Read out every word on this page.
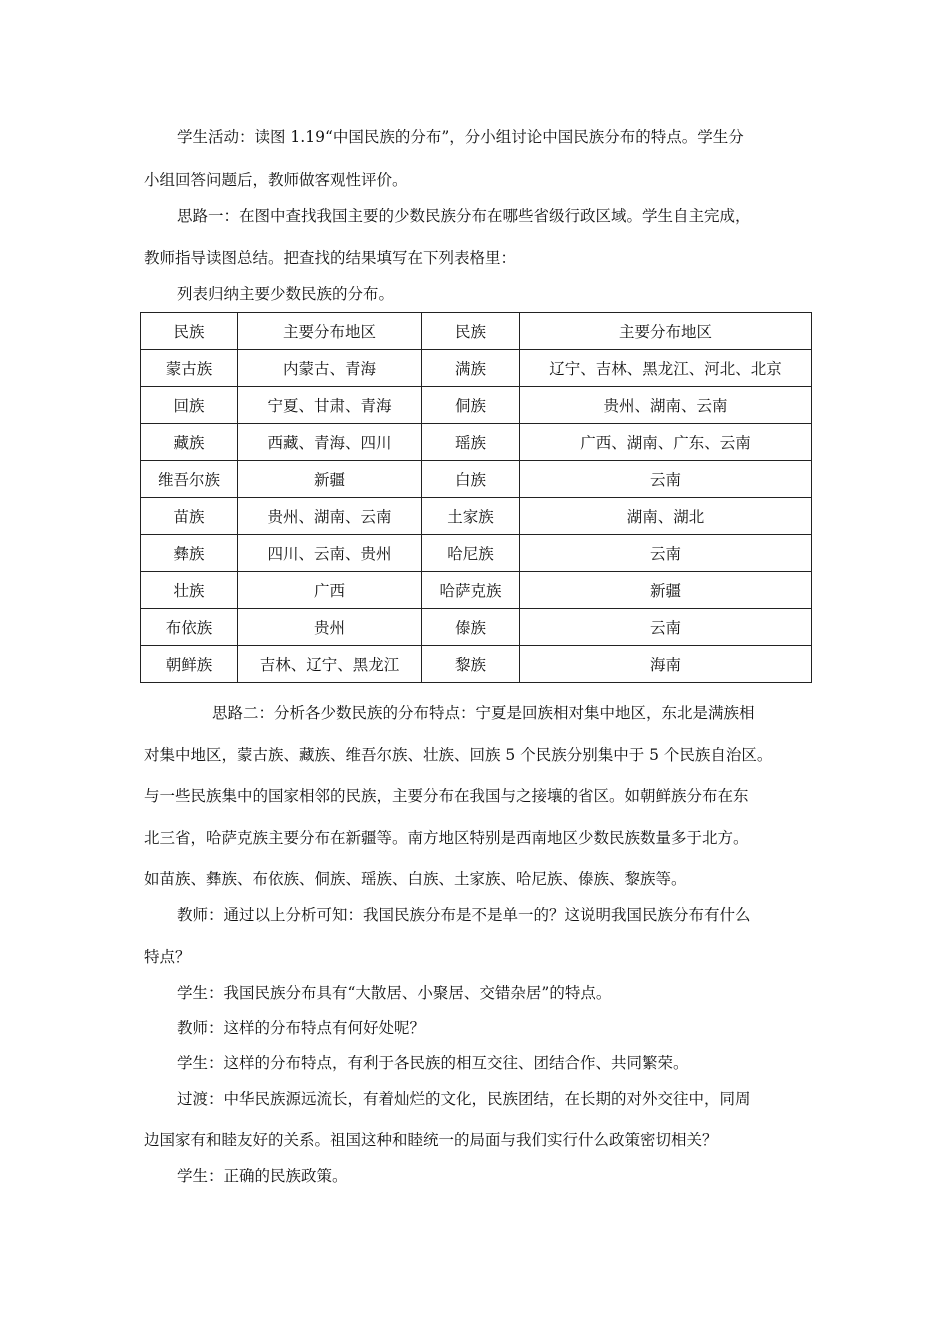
学生活动：读图 1.19“中国民族的分布”，分小组讨论中国民族分布的特点。学生分
小组回答问题后，教师做客观性评价。
思路一：在图中查找我国主要的少数民族分布在哪些省级行政区域。学生自主完成，
教师指导读图总结。把查找的结果填写在下列表格里：
列表归纳主要少数民族的分布。
民族	主要分布地区	民族	主要分布地区
蒙古族	内蒙古、青海	满族	辽宁、吉林、黑龙江、河北、北京
回族	宁夏、甘肃、青海	侗族	贵州、湖南、云南
藏族	西藏、青海、四川	瑶族	广西、湖南、广东、云南
维吾尔族	新疆	白族	云南
苗族	贵州、湖南、云南	土家族	湖南、湖北
彝族	四川、云南、贵州	哈尼族	云南
壮族	广西	哈萨克族	新疆
布依族	贵州	傣族	云南
朝鲜族	吉林、辽宁、黑龙江	黎族	海南
思路二：分析各少数民族的分布特点：宁夏是回族相对集中地区，东北是满族相
对集中地区，蒙古族、藏族、维吾尔族、壮族、回族 5 个民族分别集中于 5 个民族自治区。
与一些民族集中的国家相邻的民族，主要分布在我国与之接壤的省区。如朝鲜族分布在东
北三省，哈萨克族主要分布在新疆等。南方地区特别是西南地区少数民族数量多于北方。
如苗族、彝族、布依族、侗族、瑶族、白族、土家族、哈尼族、傣族、黎族等。
教师：通过以上分析可知：我国民族分布是不是单一的？这说明我国民族分布有什么
特点？
学生：我国民族分布具有“大散居、小聚居、交错杂居”的特点。
教师：这样的分布特点有何好处呢？
学生：这样的分布特点，有利于各民族的相互交往、团结合作、共同繁荣。
过渡：中华民族源远流长，有着灿烂的文化，民族团结，在长期的对外交往中，同周
边国家有和睦友好的关系。祖国这种和睦统一的局面与我们实行什么政策密切相关？
学生：正确的民族政策。
